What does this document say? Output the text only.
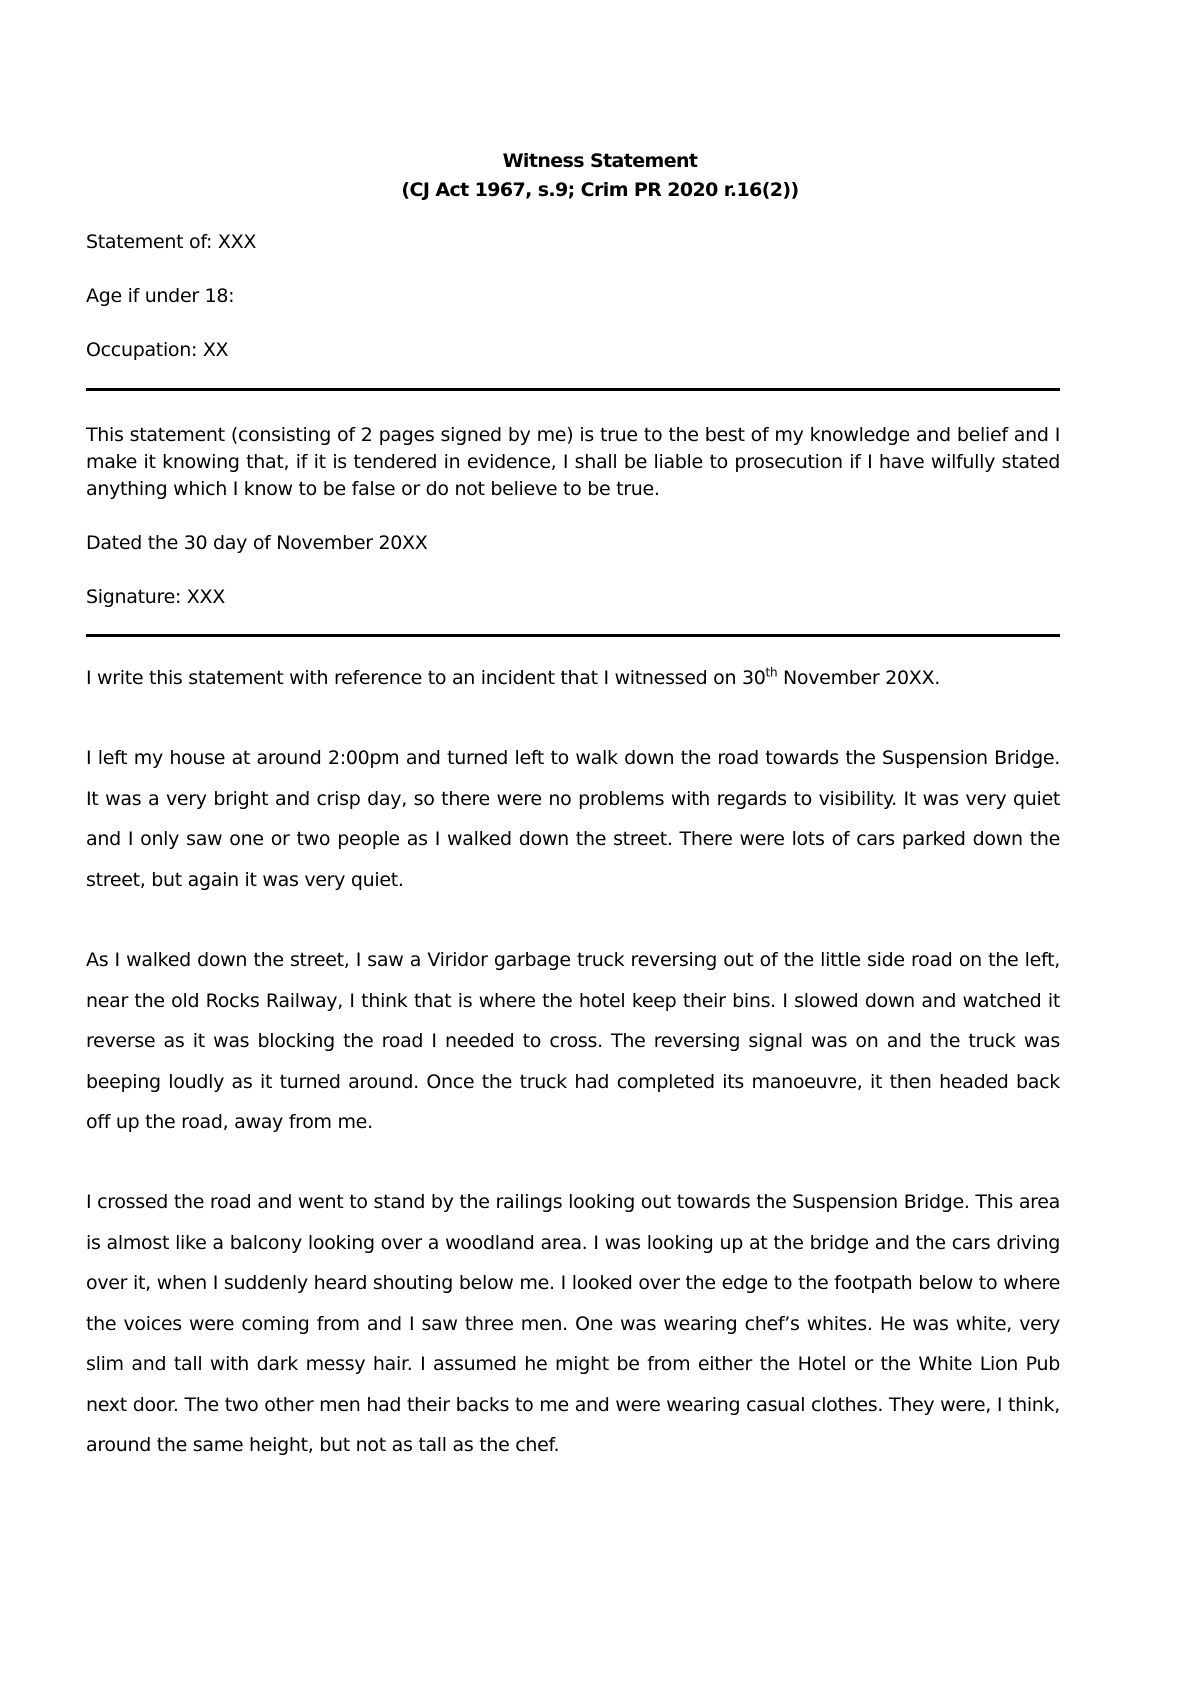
Witness Statement
(CJ Act 1967, s.9; Crim PR 2020 r.16(2))
Statement of: XXX
Age if under 18:
Occupation: XX
This statement (consisting of 2 pages signed by me) is true to the best of my knowledge and belief and I make it knowing that, if it is tendered in evidence, I shall be liable to prosecution if I have wilfully stated anything which I know to be false or do not believe to be true.
Dated the 30 day of November 20XX
Signature: XXX
I write this statement with reference to an incident that I witnessed on 30th November 20XX.
I left my house at around 2:00pm and turned left to walk down the road towards the Suspension Bridge. It was a very bright and crisp day, so there were no problems with regards to visibility. It was very quiet and I only saw one or two people as I walked down the street. There were lots of cars parked down the street, but again it was very quiet.
As I walked down the street, I saw a Viridor garbage truck reversing out of the little side road on the left, near the old Rocks Railway, I think that is where the hotel keep their bins. I slowed down and watched it reverse as it was blocking the road I needed to cross. The reversing signal was on and the truck was beeping loudly as it turned around. Once the truck had completed its manoeuvre, it then headed back off up the road, away from me.
I crossed the road and went to stand by the railings looking out towards the Suspension Bridge. This area is almost like a balcony looking over a woodland area. I was looking up at the bridge and the cars driving over it, when I suddenly heard shouting below me. I looked over the edge to the footpath below to where the voices were coming from and I saw three men. One was wearing chef’s whites. He was white, very slim and tall with dark messy hair. I assumed he might be from either the Hotel or the White Lion Pub next door. The two other men had their backs to me and were wearing casual clothes. They were, I think, around the same height, but not as tall as the chef.
